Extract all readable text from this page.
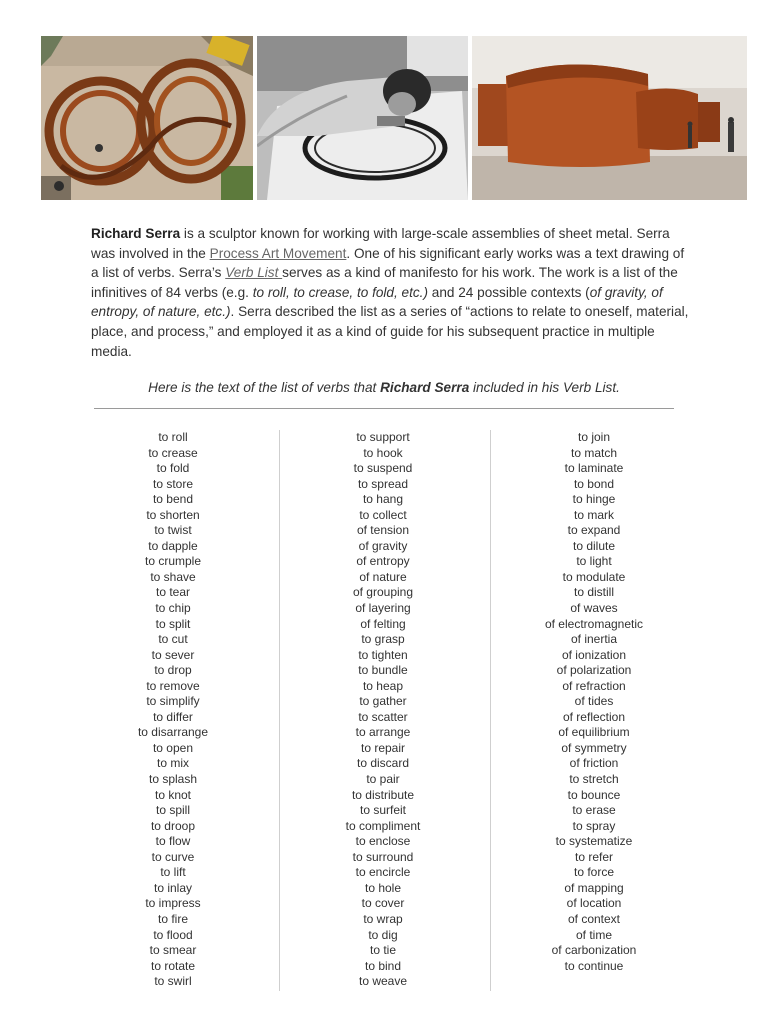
Richard Serra is a sculptor known for working with large-scale assemblies of sheet metal. Serra was involved in the Process Art Movement. One of his significant early works was a text drawing of a list of verbs. Serra’s Verb List serves as a kind of manifesto for his work. The work is a list of the infinitives of 84 verbs (e.g. to roll, to crease, to fold, etc.) and 24 possible contexts (of gravity, of entropy, of nature, etc.). Serra described the list as a series of “actions to relate to oneself, material, place, and process,” and employed it as a kind of guide for his subsequent practice in multiple media.

Here is the text of the list of verbs that Richard Serra included in his Verb List.
to roll
to crease
to fold
to store
to bend
to shorten
to twist
to dapple
to crumple
to shave
to tear
to chip
to split
to cut
to sever
to drop
to remove
to simplify
to differ
to disarrange
to open
to mix
to splash
to knot
to spill
to droop
to flow
to curve
to lift
to inlay
to impress
to fire
to flood
to smear
to rotate
to swirl
to support
to hook
to suspend
to spread
to hang
to collect
of tension
of gravity
of entropy
of nature
of grouping
of layering
of felting
to grasp
to tighten
to bundle
to heap
to gather
to scatter
to arrange
to repair
to discard
to pair
to distribute
to surfeit
to compliment
to enclose
to surround
to encircle
to hole
to cover
to wrap
to dig
to tie
to bind
to weave
to join
to match
to laminate
to bond
to hinge
to mark
to expand
to dilute
to light
to modulate
to distill
of waves
of electromagnetic
of inertia
of ionization
of polarization
of refraction
of tides
of reflection
of equilibrium
of symmetry
of friction
to stretch
to bounce
to erase
to spray
to systematize
to refer
to force
of mapping
of location
of context
of time
of carbonization
to continue
